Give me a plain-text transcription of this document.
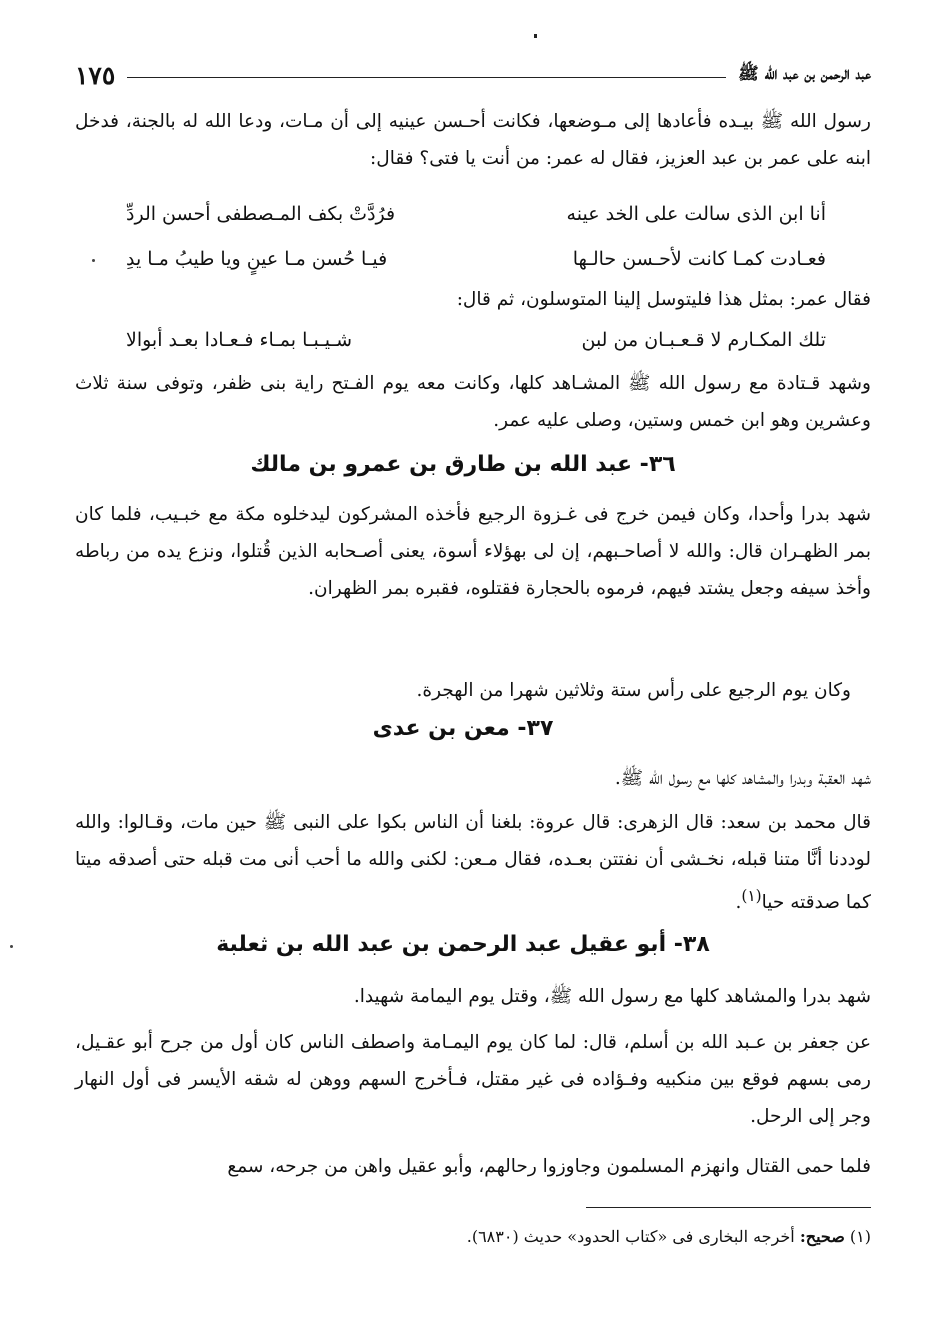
عبد الرحمن بن عبد الله ﷺ
١٧٥

رسول الله ﷺ بيـده فأعادها إلى مـوضعها، فكانت أحـسن عينيه إلى أن مـات، ودعا الله له بالجنة، فدخل ابنه على عمر بن عبد العزيز، فقال له عمر: من أنت يا فتى؟ فقال:

أنا ابن الذى سالت على الخد عينه
فرُدَّتْ بكف المـصطفى أحسن الردِّ
فعـادت كمـا كانت لأحـسن حالـها
فيـا حُسن مـا عينٍ ويا طيبُ مـا يدِ

فقال عمر: بمثل هذا فليتوسل إلينا المتوسلون، ثم قال:

تلك المكـارم لا قـعـبـان من لبن
شـيـبـا بمـاء فـعـادا بعـد أبوالا

وشهد قـتادة مع رسول الله ﷺ المشـاهد كلها، وكانت معه يوم الفـتح راية بنى ظفر، وتوفى سنة ثلاث وعشرين وهو ابن خمس وستين، وصلى عليه عمر.

٣٦- عبد الله بن طارق بن عمرو بن مالك

شهد بدرا وأحدا، وكان فيمن خرج فى غـزوة الرجيع فأخذه المشركون ليدخلوه مكة مع خبـيب، فلما كان بمر الظهـران قال: والله لا أصاحـبهم، إن لى بهؤلاء أسوة، يعنى أصـحابه الذين قُتلوا، ونزع يده من رباطه وأخذ سيفه وجعل يشتد فيهم، فرموه بالحجارة فقتلوه، فقبره بمر الظهران.

وكان يوم الرجيع على رأس ستة وثلاثين شهرا من الهجرة.

٣٧- معن بن عدى

شهد العقبة وبدرا والمشاهد كلها مع رسول الله ﷺ.

قال محمد بن سعد: قال الزهرى: قال عروة: بلغنا أن الناس بكوا على النبى ﷺ حين مات، وقـالوا: والله لوددنا أنَّا متنا قبله، نخـشى أن نفتتن بعـده، فقال مـعن: لكنى والله ما أحب أنى مت قبله حتى أصدقه ميتا كما صدقته حيا$^{(١)}$.

٣٨- أبو عقيل عبد الرحمن بن عبد الله بن ثعلبة

شهد بدرا والمشاهد كلها مع رسول الله ﷺ، وقتل يوم اليمامة شهيدا.

عن جعفر بن عـبد الله بن أسلم، قال: لما كان يوم اليمـامة واصطف الناس كان أول من جرح أبو عقـيل، رمى بسهم فوقع بين منكبيه وفـؤاده فى غير مقتل، فـأخرج السهم ووهن له شقه الأيسر فى أول النهار وجر إلى الرحل.

فلما حمى القتال وانهزم المسلمون وجاوزوا رحالهم، وأبو عقيل واهن من جرحه، سمع

(١) صحيح: أخرجه البخارى فى «كتاب الحدود» حديث (٦٨٣٠).
